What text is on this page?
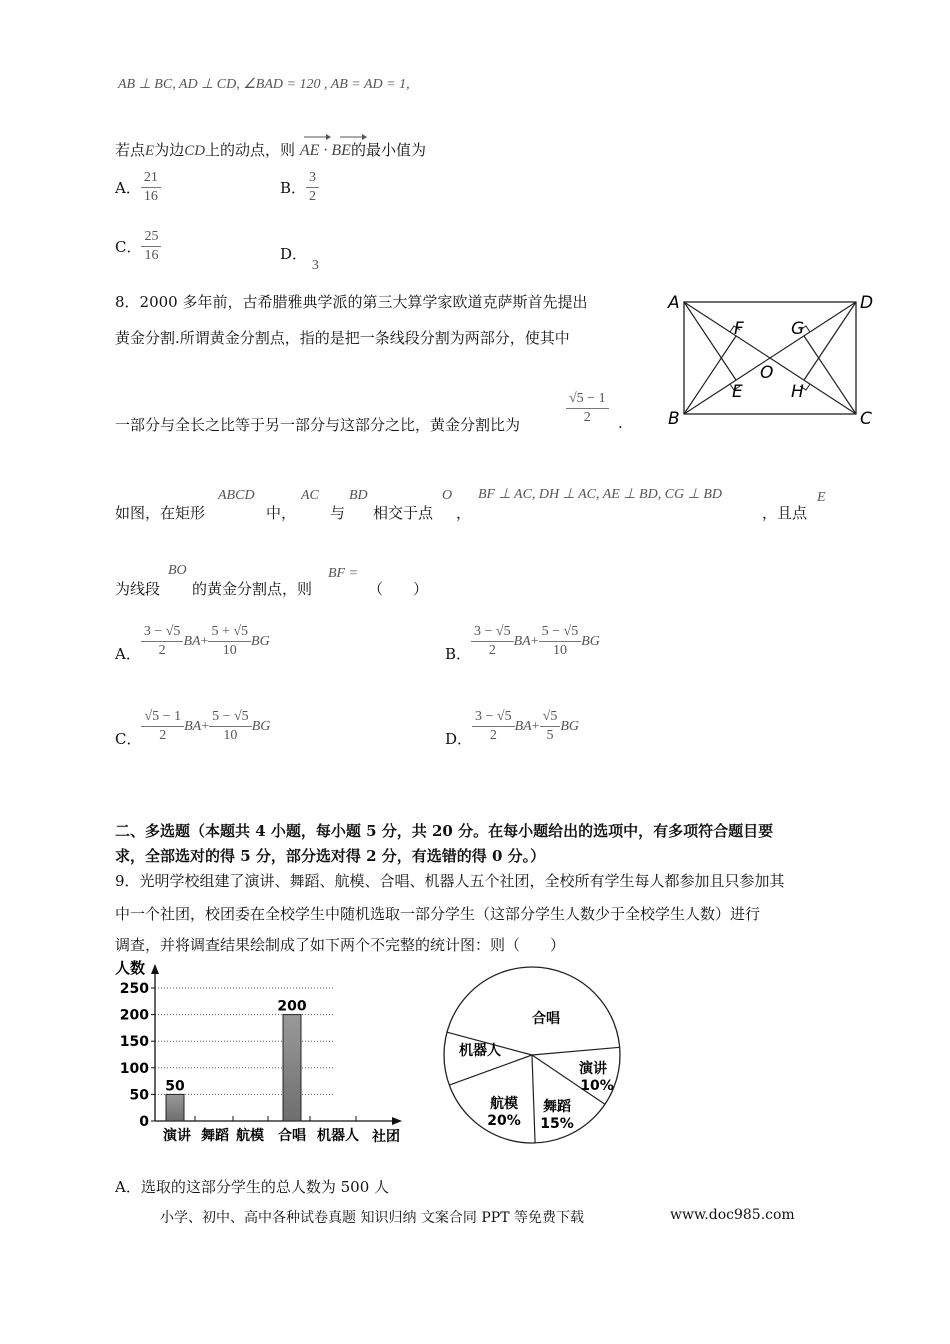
AB ⊥ BC, AD ⊥ CD, ∠BAD = 120 , AB = AD = 1,
若点E为边CD上的动点，则 AE · BE的最小值为
A． $\frac{21}{16}$	B． $\frac{3}{2}$
C． $\frac{25}{16}$	D． 3
8．2000 多年前，古希腊雅典学派的第三大算学家欧道克萨斯首先提出
黄金分割.所谓黄金分割点，指的是把一条线段分割为两部分，使其中
一部分与全长之比等于另一部分与这部分之比，黄金分割比为	$\frac{√5 - 1}{2}$ .
如图，在矩形
ABCD
中，
AC
与
BD
相交于点
O
，
BF ⊥ AC, DH ⊥ AC, AE ⊥ BD, CG ⊥ BD
，且点
E
为线段
BO
的黄金分割点，则
BF =
（　　）
A	D
B	C
F	G
E	H
O
A． $\frac{3 - √5}{2}$ BA + $\frac{5 + √5}{10}$ BG
B． $\frac{3 - √5}{2}$ BA + $\frac{5 - √5}{10}$ BG
C． $\frac{√5 - 1}{2}$ BA + $\frac{5 - √5}{10}$ BG
D． $\frac{3 - √5}{2}$ BA + $\frac{√5}{5}$ BG
二、多选题（本题共 4 小题，每小题 5 分，共 20 分。在每小题给出的选项中，有多项符合题目要
求，全部选对的得 5 分，部分选对得 2 分，有选错的得 0 分。）
9．光明学校组建了演讲、舞蹈、航模、合唱、机器人五个社团，全校所有学生每人都参加且只参加其
中一个社团，校团委在全校学生中随机选取一部分学生（这部分学生人数少于全校学生人数）进行
调查，并将调查结果绘制成了如下两个不完整的统计图：则（　　）
0
50
100
150
200
250
50
200
演讲 舞蹈 航模 合唱 机器人
人数
社团
合唱
演讲
10%
舞蹈
15%
航模
20%
机器人
A．选取的这部分学生的总人数为 500 人
小学、初中、高中各种试卷真题 知识归纳 文案合同 PPT 等免费下载	www.doc985.com
